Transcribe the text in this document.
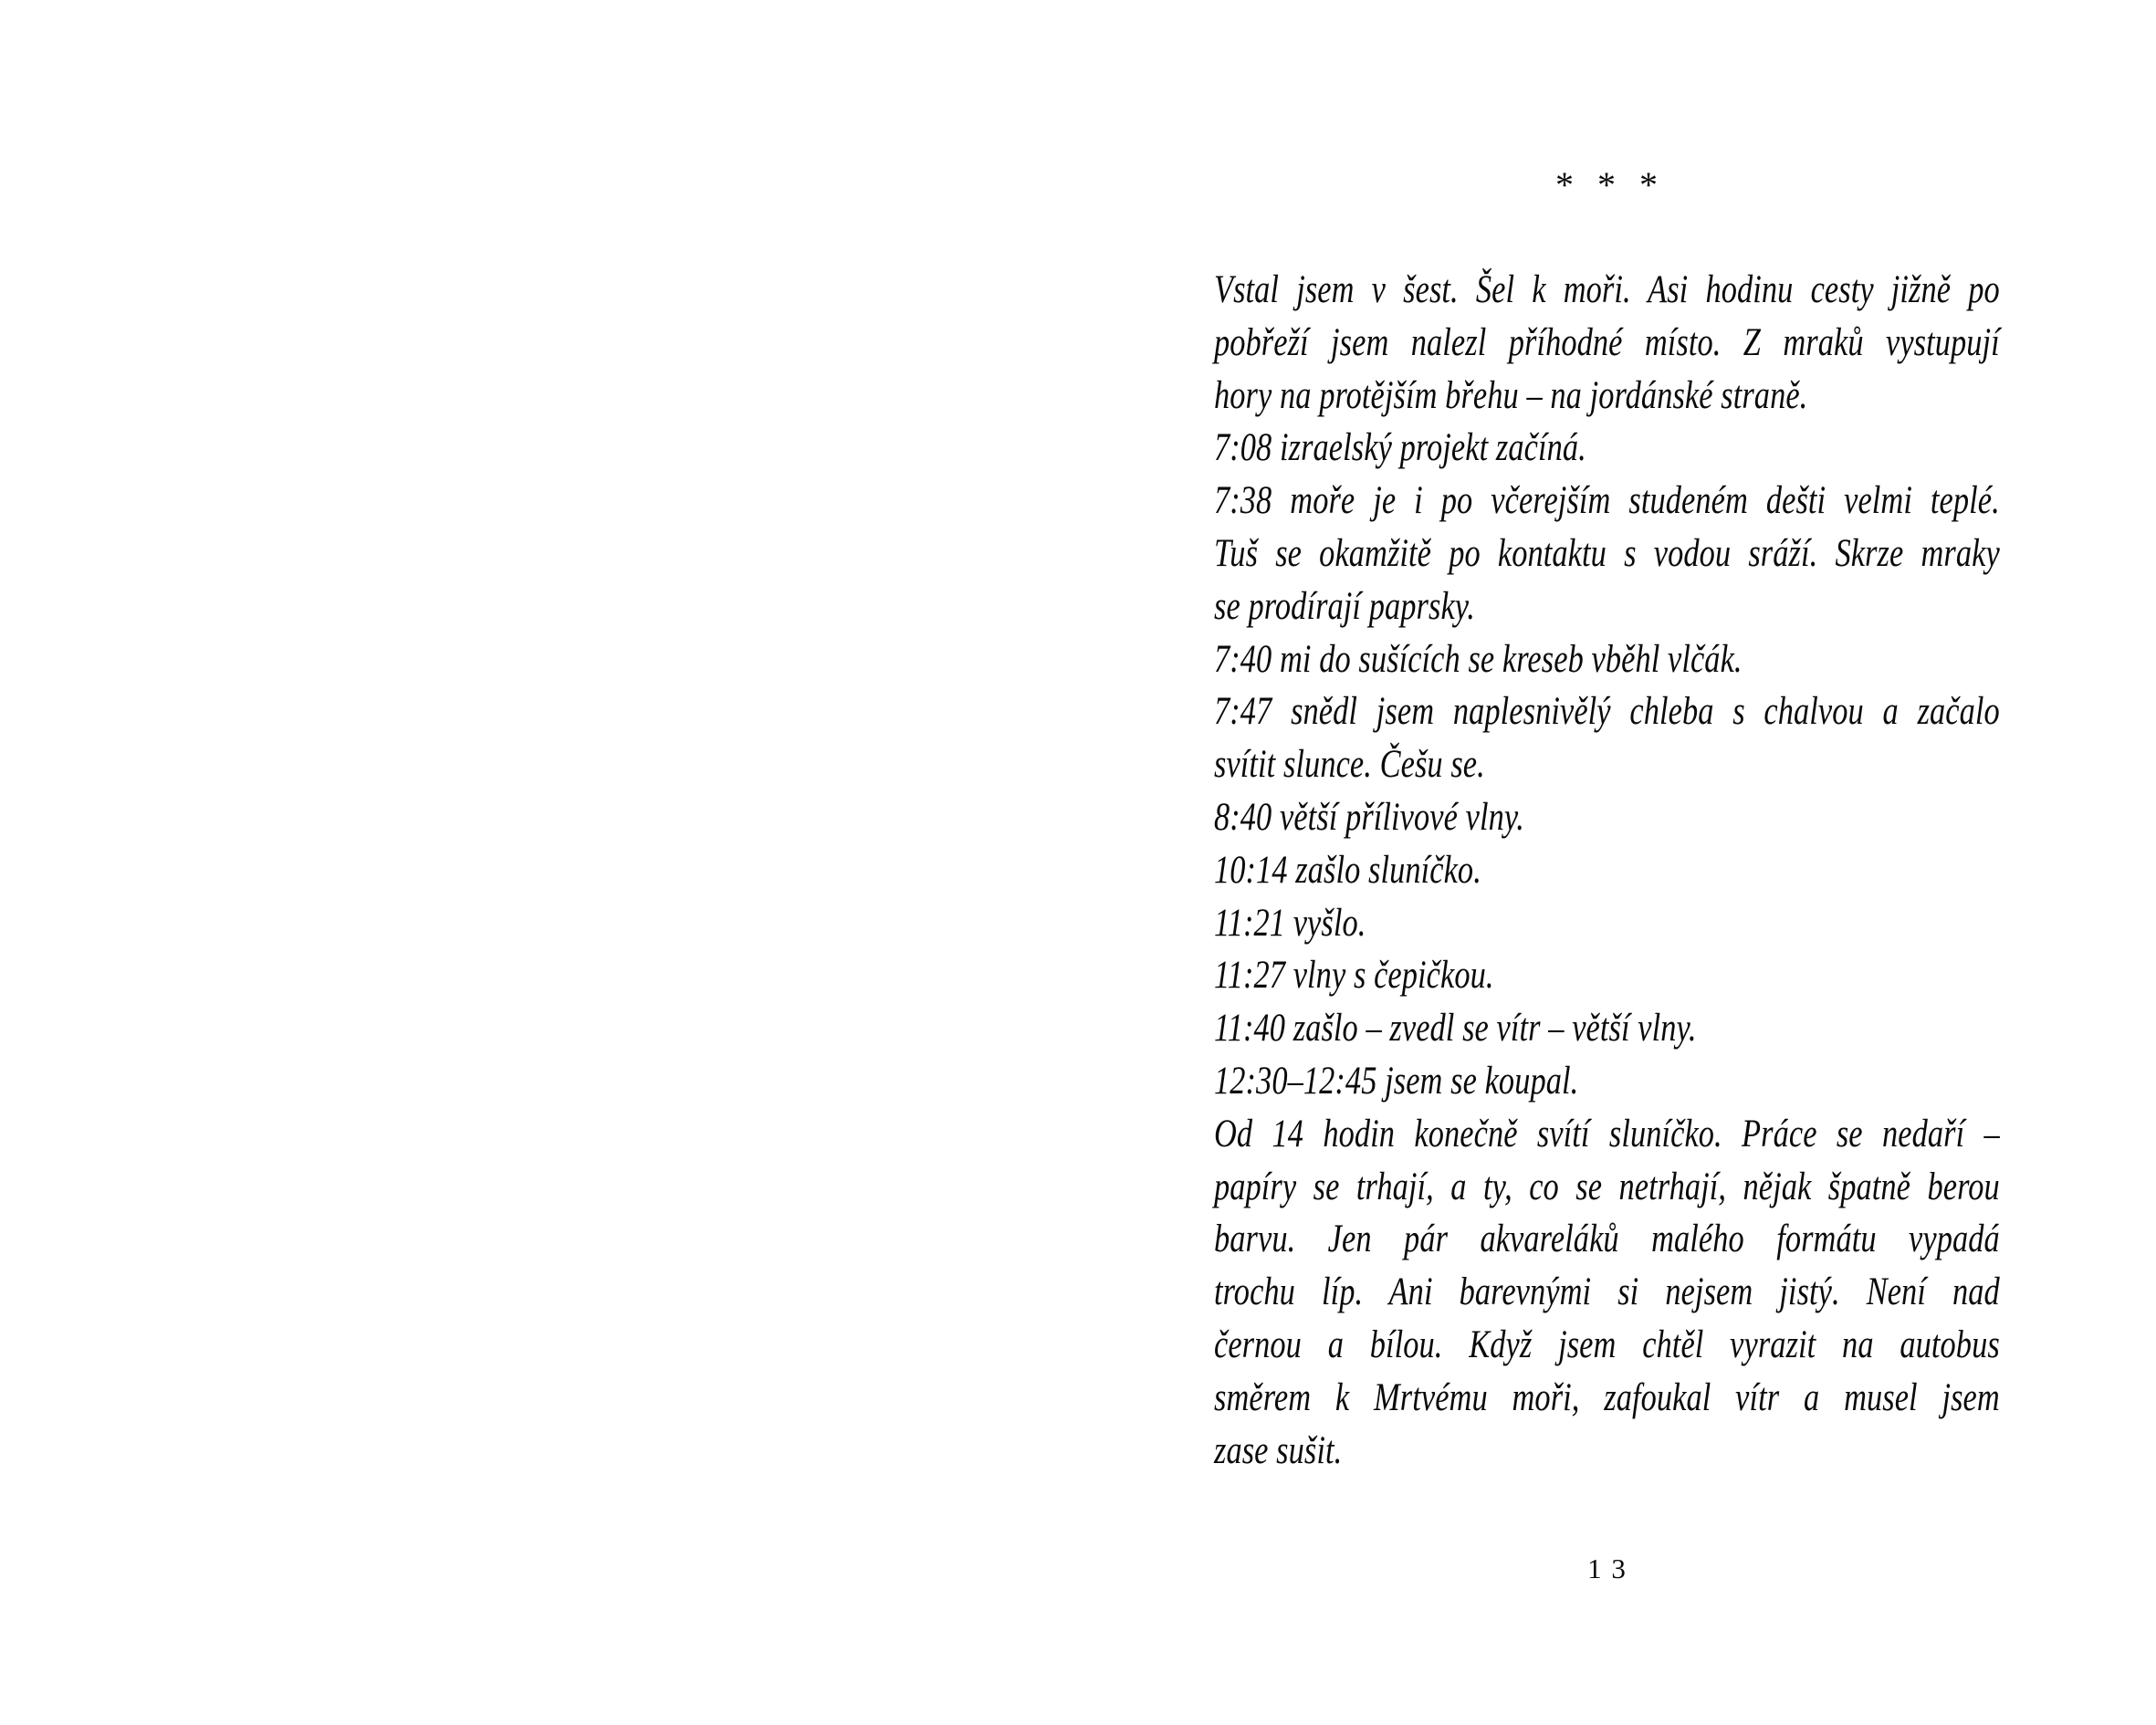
* * *
Vstal jsem v šest. Šel k moři. Asi hodinu cesty jižně po
pobřeží jsem nalezl příhodné místo. Z mraků vystupují
hory na protějším břehu – na jordánské straně.
7:08 izraelský projekt začíná.
7:38 moře je i po včerejším studeném dešti velmi teplé.
Tuš se okamžitě po kontaktu s vodou sráží. Skrze mraky
se prodírají paprsky.
7:40 mi do sušících se kreseb vběhl vlčák.
7:47 snědl jsem naplesnivělý chleba s chalvou a začalo
svítit slunce. Češu se.
8:40 větší přílivové vlny.
10:14 zašlo sluníčko.
11:21 vyšlo.
11:27 vlny s čepičkou.
11:40 zašlo – zvedl se vítr – větší vlny.
12:30–12:45 jsem se koupal.
Od 14 hodin konečně svítí sluníčko. Práce se nedaří –
papíry se trhají, a ty, co se netrhají, nějak špatně berou
barvu. Jen pár akvareláků malého formátu vypadá
trochu líp. Ani barevnými si nejsem jistý. Není nad
černou a bílou. Když jsem chtěl vyrazit na autobus
směrem k Mrtvému moři, zafoukal vítr a musel jsem
zase sušit.
13
